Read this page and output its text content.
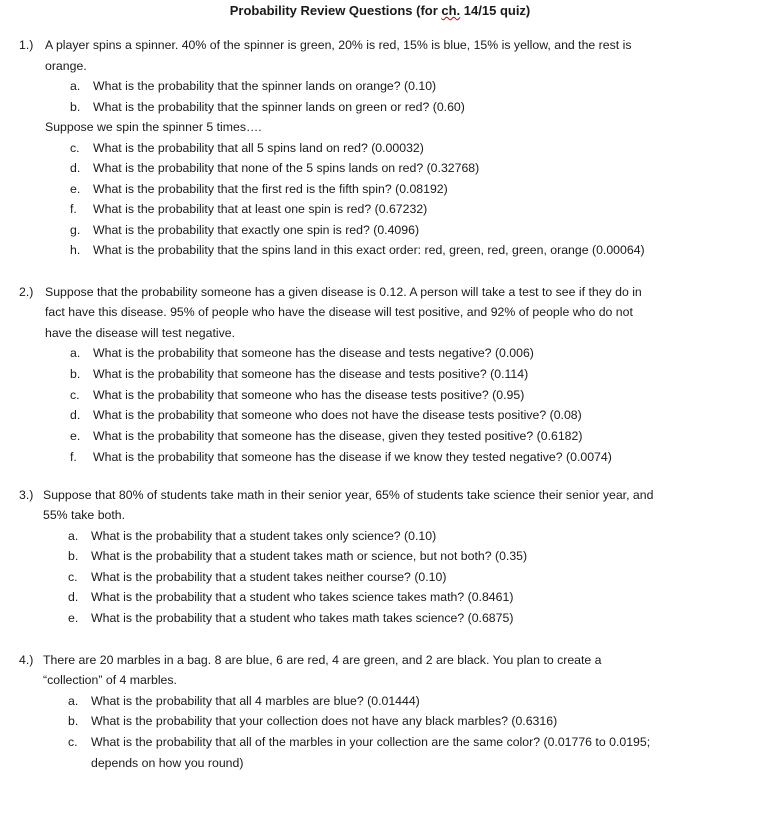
Probability Review Questions (for ch. 14/15 quiz)
1.) A player spins a spinner. 40% of the spinner is green, 20% is red, 15% is blue, 15% is yellow, and the rest is
orange.
a. What is the probability that the spinner lands on orange? (0.10)
b. What is the probability that the spinner lands on green or red? (0.60)
Suppose we spin the spinner 5 times….
c. What is the probability that all 5 spins land on red? (0.00032)
d. What is the probability that none of the 5 spins lands on red? (0.32768)
e. What is the probability that the first red is the fifth spin? (0.08192)
f. What is the probability that at least one spin is red? (0.67232)
g. What is the probability that exactly one spin is red? (0.4096)
h. What is the probability that the spins land in this exact order: red, green, red, green, orange (0.00064)
2.) Suppose that the probability someone has a given disease is 0.12. A person will take a test to see if they do in
fact have this disease. 95% of people who have the disease will test positive, and 92% of people who do not
have the disease will test negative.
a. What is the probability that someone has the disease and tests negative? (0.006)
b. What is the probability that someone has the disease and tests positive? (0.114)
c. What is the probability that someone who has the disease tests positive? (0.95)
d. What is the probability that someone who does not have the disease tests positive? (0.08)
e. What is the probability that someone has the disease, given they tested positive? (0.6182)
f. What is the probability that someone has the disease if we know they tested negative? (0.0074)
3.) Suppose that 80% of students take math in their senior year, 65% of students take science their senior year, and
55% take both.
a. What is the probability that a student takes only science? (0.10)
b. What is the probability that a student takes math or science, but not both? (0.35)
c. What is the probability that a student takes neither course? (0.10)
d. What is the probability that a student who takes science takes math? (0.8461)
e. What is the probability that a student who takes math takes science? (0.6875)
4.) There are 20 marbles in a bag. 8 are blue, 6 are red, 4 are green, and 2 are black. You plan to create a
“collection” of 4 marbles.
a. What is the probability that all 4 marbles are blue? (0.01444)
b. What is the probability that your collection does not have any black marbles? (0.6316)
c. What is the probability that all of the marbles in your collection are the same color? (0.01776 to 0.0195;
depends on how you round)
